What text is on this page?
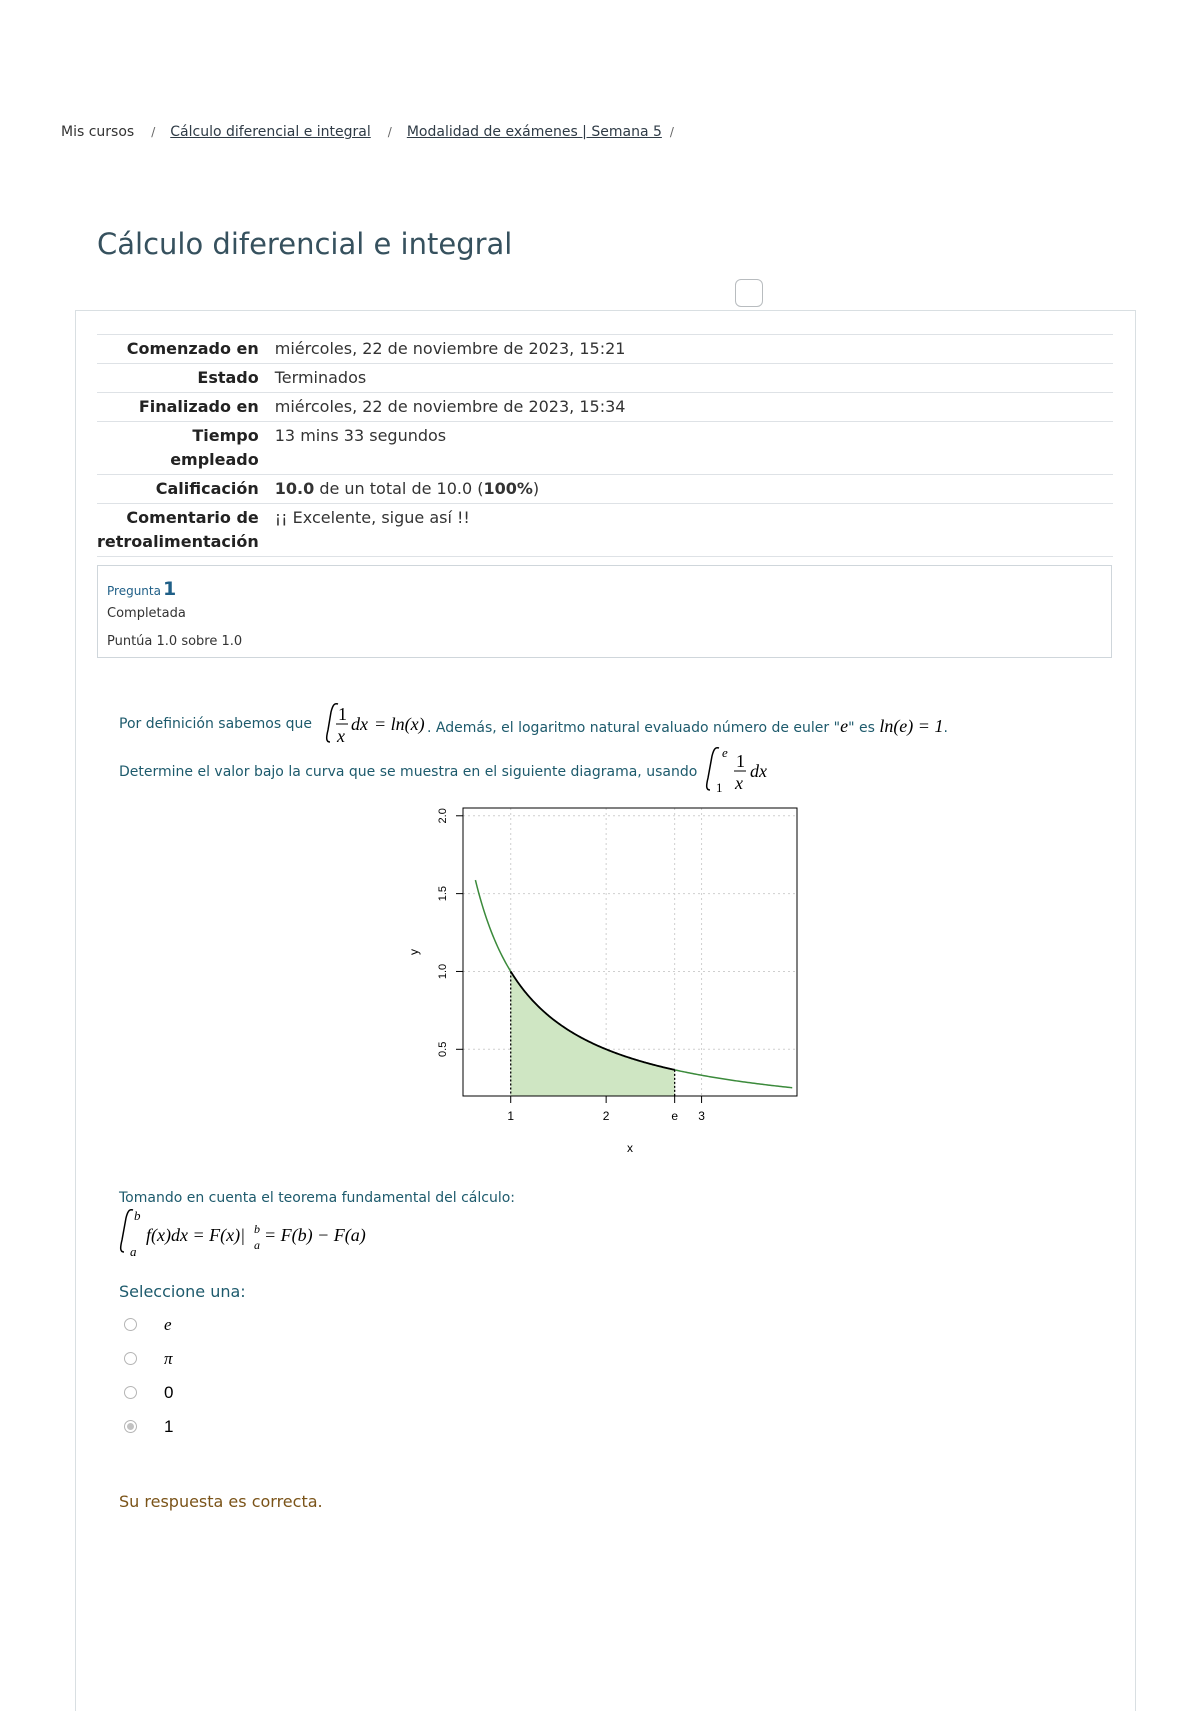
Mis cursos / Cálculo diferencial e integral / Modalidad de exámenes | Semana 5 /
Cálculo diferencial e integral
Comenzado en	miércoles, 22 de noviembre de 2023, 15:21
Estado	Terminados
Finalizado en	miércoles, 22 de noviembre de 2023, 15:34
Tiempo
empleado	13 mins 33 segundos
Calificación	10.0 de un total de 10.0 (100%)
Comentario de
retroalimentación	¡¡ Excelente, sigue así !!
Pregunta 1
Completada
Puntúa 1.0 sobre 1.0
Por definición sabemos que 1
x
dx = ln(x) . Además, el logaritmo natural evaluado número de euler "e" es ln(e) = 1.
Determine el valor bajo la curva que se muestra en el siguiente diagrama, usando
e
1
1
x
dx
1	2	e 3
0.5
1.0
1.5
2.0
x
y
Tomando en cuenta el teorema fundamental del cálculo:
b
a
f(x)dx = F(x)| b
a = F(b) − F(a)
Seleccione una:
e
π
0
1
Su respuesta es correcta.
